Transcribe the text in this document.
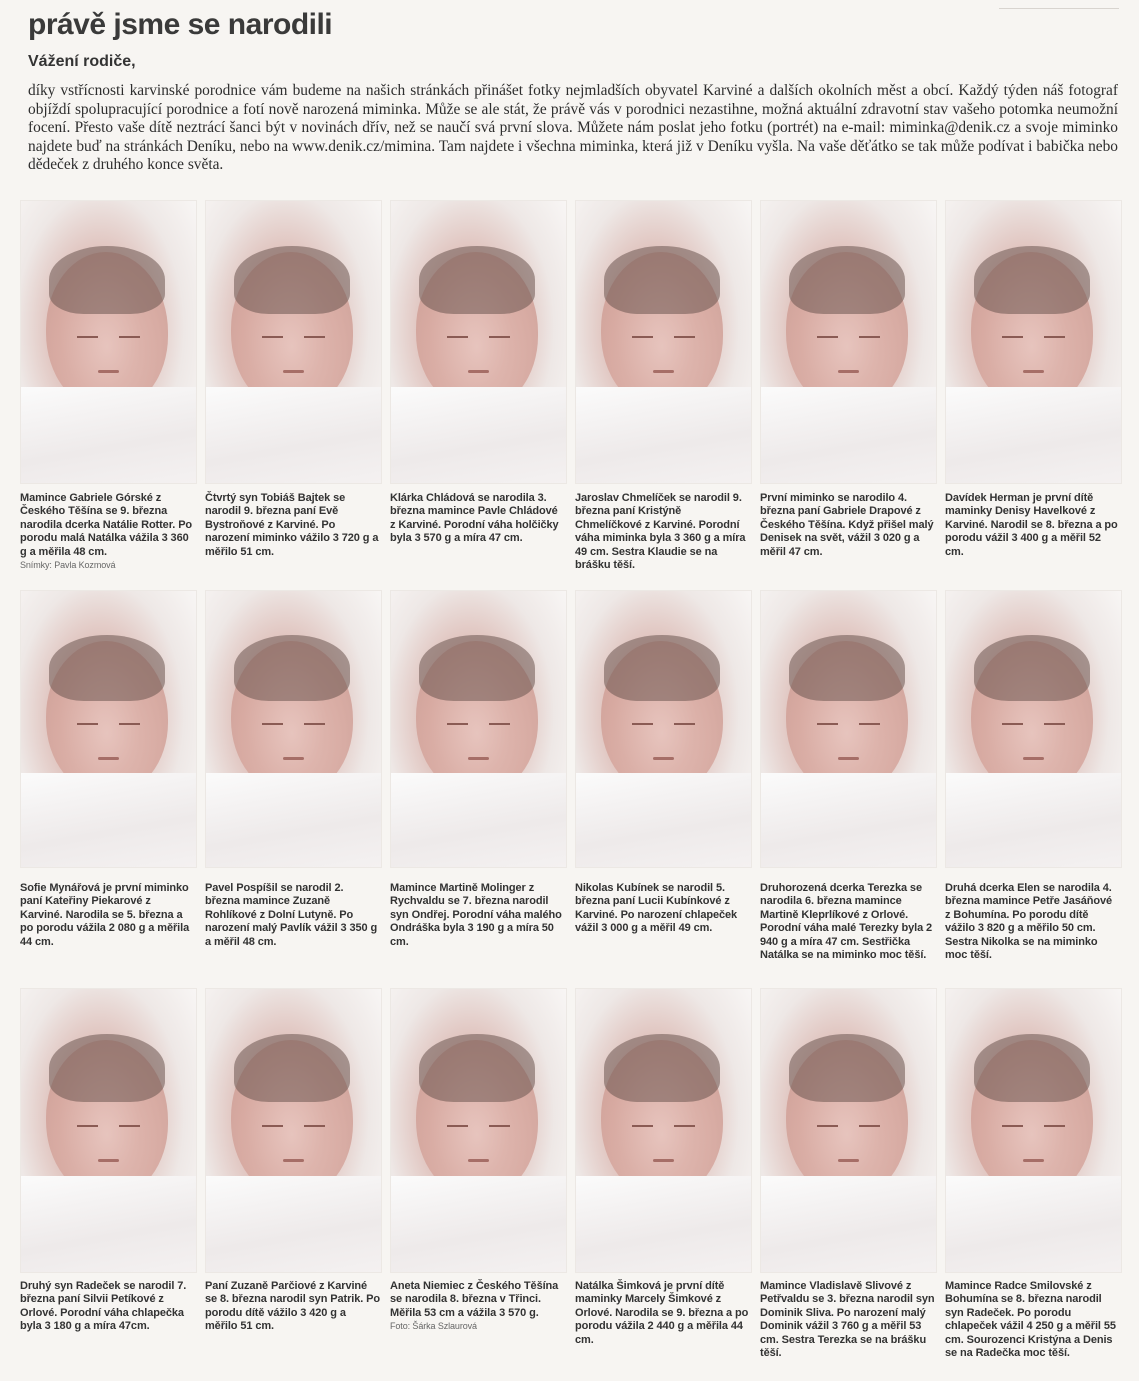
právě jsme se narodili
Vážení rodiče,
díky vstřícnosti karvinské porodnice vám budeme na našich stránkách přinášet fotky nejmladších obyvatel Karviné a dalších okolních měst a obcí. Každý týden náš fotograf objíždí spolupracující porodnice a fotí nově narozená miminka. Může se ale stát, že právě vás v porodnici nezastihne, možná aktuální zdravotní stav vašeho potomka neumožní focení. Přesto vaše dítě neztrácí šanci být v novinách dřív, než se naučí svá první slova. Můžete nám poslat jeho fotku (portrét) na e-mail: miminka@denik.cz a svoje miminko najdete buď na stránkách Deníku, nebo na www.denik.cz/mimina. Tam najdete i všechna miminka, která již v Deníku vyšla. Na vaše děťátko se tak může podívat i babička nebo dědeček z druhého konce světa.
Mamince Gabriele Górské z Českého Těšína se 9. března narodila dcerka Natálie Rotter. Po porodu malá Natálka vážila 3 360 g a měřila 48 cm.
Snímky: Pavla Kozmová
Čtvrtý syn Tobiáš Bajtek se narodil 9. března paní Evě Bystroňové z Karviné. Po narození miminko vážilo 3 720 g a měřilo 51 cm.
Klárka Chládová se narodila 3. března mamince Pavle Chládové z Karviné. Porodní váha holčičky byla 3 570 g a míra 47 cm.
Jaroslav Chmelíček se narodil 9. března paní Kristýně Chmelíčkové z Karviné. Porodní váha miminka byla 3 360 g a míra 49 cm. Sestra Klaudie se na brášku těší.
První miminko se narodilo 4. března paní Gabriele Drapové z Českého Těšína. Když přišel malý Denisek na svět, vážil 3 020 g a měřil 47 cm.
Davídek Herman je první dítě maminky Denisy Havelkové z Karviné. Narodil se 8. března a po porodu vážil 3 400 g a měřil 52 cm.
Sofie Mynářová je první miminko paní Kateřiny Piekarové z Karviné. Narodila se 5. března a po porodu vážila 2 080 g a měřila 44 cm.
Pavel Pospíšil se narodil 2. března mamince Zuzaně Rohlíkové z Dolní Lutyně. Po narození malý Pavlík vážil 3 350 g a měřil 48 cm.
Mamince Martině Molinger z Rychvaldu se 7. března narodil syn Ondřej. Porodní váha malého Ondráška byla 3 190 g a míra 50 cm.
Nikolas Kubínek se narodil 5. března paní Lucii Kubínkové z Karviné. Po narození chlapeček vážil 3 000 g a měřil 49 cm.
Druhorozená dcerka Terezka se narodila 6. března mamince Martině Kleprlíkové z Orlové. Porodní váha malé Terezky byla 2 940 g a míra 47 cm. Sestřička Natálka se na miminko moc těší.
Druhá dcerka Elen se narodila 4. března mamince Petře Jasáňové z Bohumína. Po porodu dítě vážilo 3 820 g a měřilo 50 cm. Sestra Nikolka se na miminko moc těší.
Druhý syn Radeček se narodil 7. března paní Silvii Petíkové z Orlové. Porodní váha chlapečka byla 3 180 g a míra 47cm.
Paní Zuzaně Parčiové z Karviné se 8. března narodil syn Patrik. Po porodu dítě vážilo 3 420 g a měřilo 51 cm.
Aneta Niemiec z Českého Těšína se narodila 8. března v Třinci. Měřila 53 cm a vážila 3 570 g.
Foto: Šárka Szlaurová
Natálka Šimková je první dítě maminky Marcely Šimkové z Orlové. Narodila se 9. března a po porodu vážila 2 440 g a měřila 44 cm.
Mamince Vladislavě Slivové z Petřvaldu se 3. března narodil syn Dominik Sliva. Po narození malý Dominik vážil 3 760 g a měřil 53 cm. Sestra Terezka se na brášku těší.
Mamince Radce Smilovské z Bohumína se 8. března narodil syn Radeček. Po porodu chlapeček vážil 4 250 g a měřil 55 cm. Sourozenci Kristýna a Denis se na Radečka moc těší.
